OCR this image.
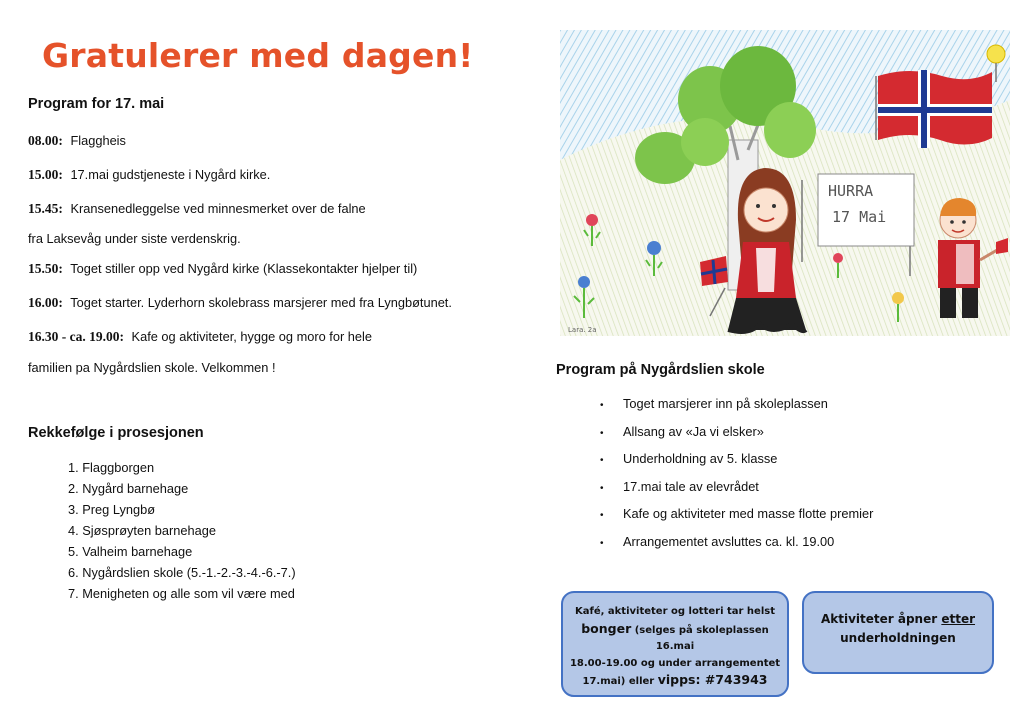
Gratulerer med dagen!
Program for 17. mai
08.00: Flaggheis
15.00: 17.mai gudstjeneste i Nygård kirke.
15.45: Kransenedleggelse ved minnesmerket over de falne
fra Laksevåg under siste verdenskrig.
15.50: Toget stiller opp ved Nygård kirke (Klassekontakter hjelper til)
16.00: Toget starter. Lyderhorn skolebrass marsjerer med fra Lyngbøtunet.
16.30 - ca. 19.00: Kafe og aktiviteter, hygge og moro for hele
familien pa Nygårdslien skole. Velkommen !
Rekkefølge i prosesjonen
1. Flaggborgen
2. Nygård barnehage
3. Preg Lyngbø
4. Sjøsprøyten barnehage
5. Valheim barnehage
6. Nygårdslien skole (5.-1.-2.-3.-4.-6.-7.)
7. Menigheten og alle som vil være med
HURRA
17 Mai
Lara. 2a
Program på Nygårdslien skole
• Toget marsjerer inn på skoleplassen
• Allsang av «Ja vi elsker»
• Underholdning av 5. klasse
• 17.mai tale av elevrådet
• Kafe og aktiviteter med masse flotte premier
• Arrangementet avsluttes ca. kl. 19.00
Kafé, aktiviteter og lotteri tar helst
bonger (selges på skoleplassen 16.mai
18.00-19.00 og under arrangementet
17.mai) eller vipps: #743943
Aktiviteter åpner etter
underholdningen
